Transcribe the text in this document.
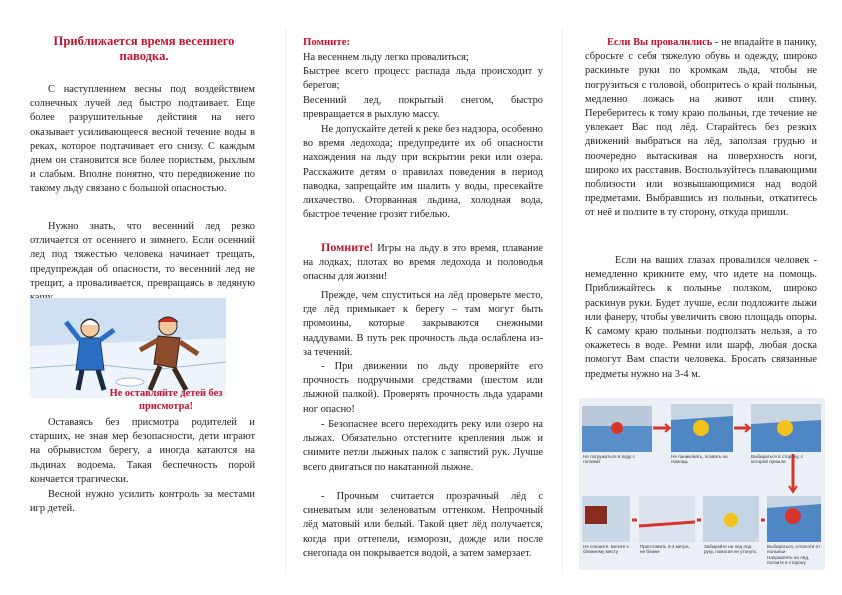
Приближается время весеннего паводка.

С наступлением весны под воздействием солнечных лучей лед быстро подтаивает. Еще более разрушительные действия на него оказывает усиливающееся весной течение воды в реках, которое подтачивает его снизу. С каждым днем он становится все более пористым, рыхлым и слабым. Вполне понятно, что передвижение по такому льду связано с большой опасностью.

Нужно знать, что весенний лед резко отличается от осеннего и зимнего. Если осенний лед под тяжестью человека начинает трещать, предупреждая об опасности, то весенний лед не трещит, а проваливается, превращаясь в ледяную

Не оставляйте детей без присмотра!

Оставаясь без присмотра родителей и старших, не зная мер безопасности, дети играют на обрывистом берегу, а иногда катаются на льдинах водоема. Такая беспечность порой кончается трагически.

Весной нужно усилить контроль за местами игр детей.

Помните:

На весеннем льду легко провалиться;

Быстрее всего процесс распада льда происходит у берегов;

Весенний лед, покрытый снегом, быстро превращается в рыхлую массу.

Не допускайте детей к реке без надзора, особенно во время ледохода; предупредите их об опасности нахождения на льду при вскрытии реки или озера. Расскажите детям о правилах поведения в период паводка, запрещайте им шалить у воды, пресекайте лихачество. Оторванная льдина, холодная вода, быстрое течение грозят гибелью.

Помните! Игры на льду в это время, плавание на лодках, плотах во время ледохода и половодья опасны для жизни!

Прежде, чем спуститься на лёд проверьте место, где лёд примыкает к берегу – там могут быть промоины, которые закрываются снежными наддувами. В путь рек прочность льда ослаблена из-за течений.

- При движении по льду проверяйте его прочность подручными средствами (шестом или лыжной палкой). Проверять прочность льда ударами ног опасно!

- Безопаснее всего переходить реку или озеро на лыжах. Обязательно отстегните крепления лыж и снимите петли лыжных палок с запястий рук. Лучше всего двигаться по накатанной лыжне.

- Прочным считается прозрачный лёд с синеватым или зеленоватым оттенком. Непрочный лёд матовый или белый. Такой цвет лёд получается, когда при оттепели, изморози, дожде или после снегопада он покрывается водой, а затем замерзает.

Если Вы провалились - не впадайте в панику, сбросьте с себя тяжелую обувь и одежду, широко раскиньте руки по кромкам льда, чтобы не погрузиться с головой, обопритесь о край полыньи, медленно ложась на живот или спину. Переберитесь к тому краю полыньи, где течение не увлекает Вас под лёд. Старайтесь без резких движений выбраться на лёд, заползая грудью и поочередно вытаскивая на поверхность ноги, широко их расставив. Воспользуйтесь плавающими поблизости или возвышающимися над водой предметами. Выбравшись из полыньи, откатитесь от неё и ползите в ту сторону, откуда пришли.

Если на ваших глазах провалился человек - немедленно крикните ему, что идете на помощь. Приближайтесь к полынье ползком, широко раскинув руки. Будет лучше, если подложите лыжи или фанеру, чтобы увеличить свою площадь опоры. К самому краю полыньи подползать нельзя, а то окажетесь в воде. Ремни или шарф, любая доска помогут Вам спасти человека. Бросать связанные предметы нужно на 3-4 м.

Не погружаться в воду с головой

Не паниковать, позвать на помощь

Выбираться в сторону, с которой пришли

Не спешите. Бегите к ближнему месту

Приготовить 3-4 метра, не ближе

Забирайте на лед под руку, помогая не утонуть

Выбираться, отползти от полыньи

Направлять на лёд, ползите в сторону
